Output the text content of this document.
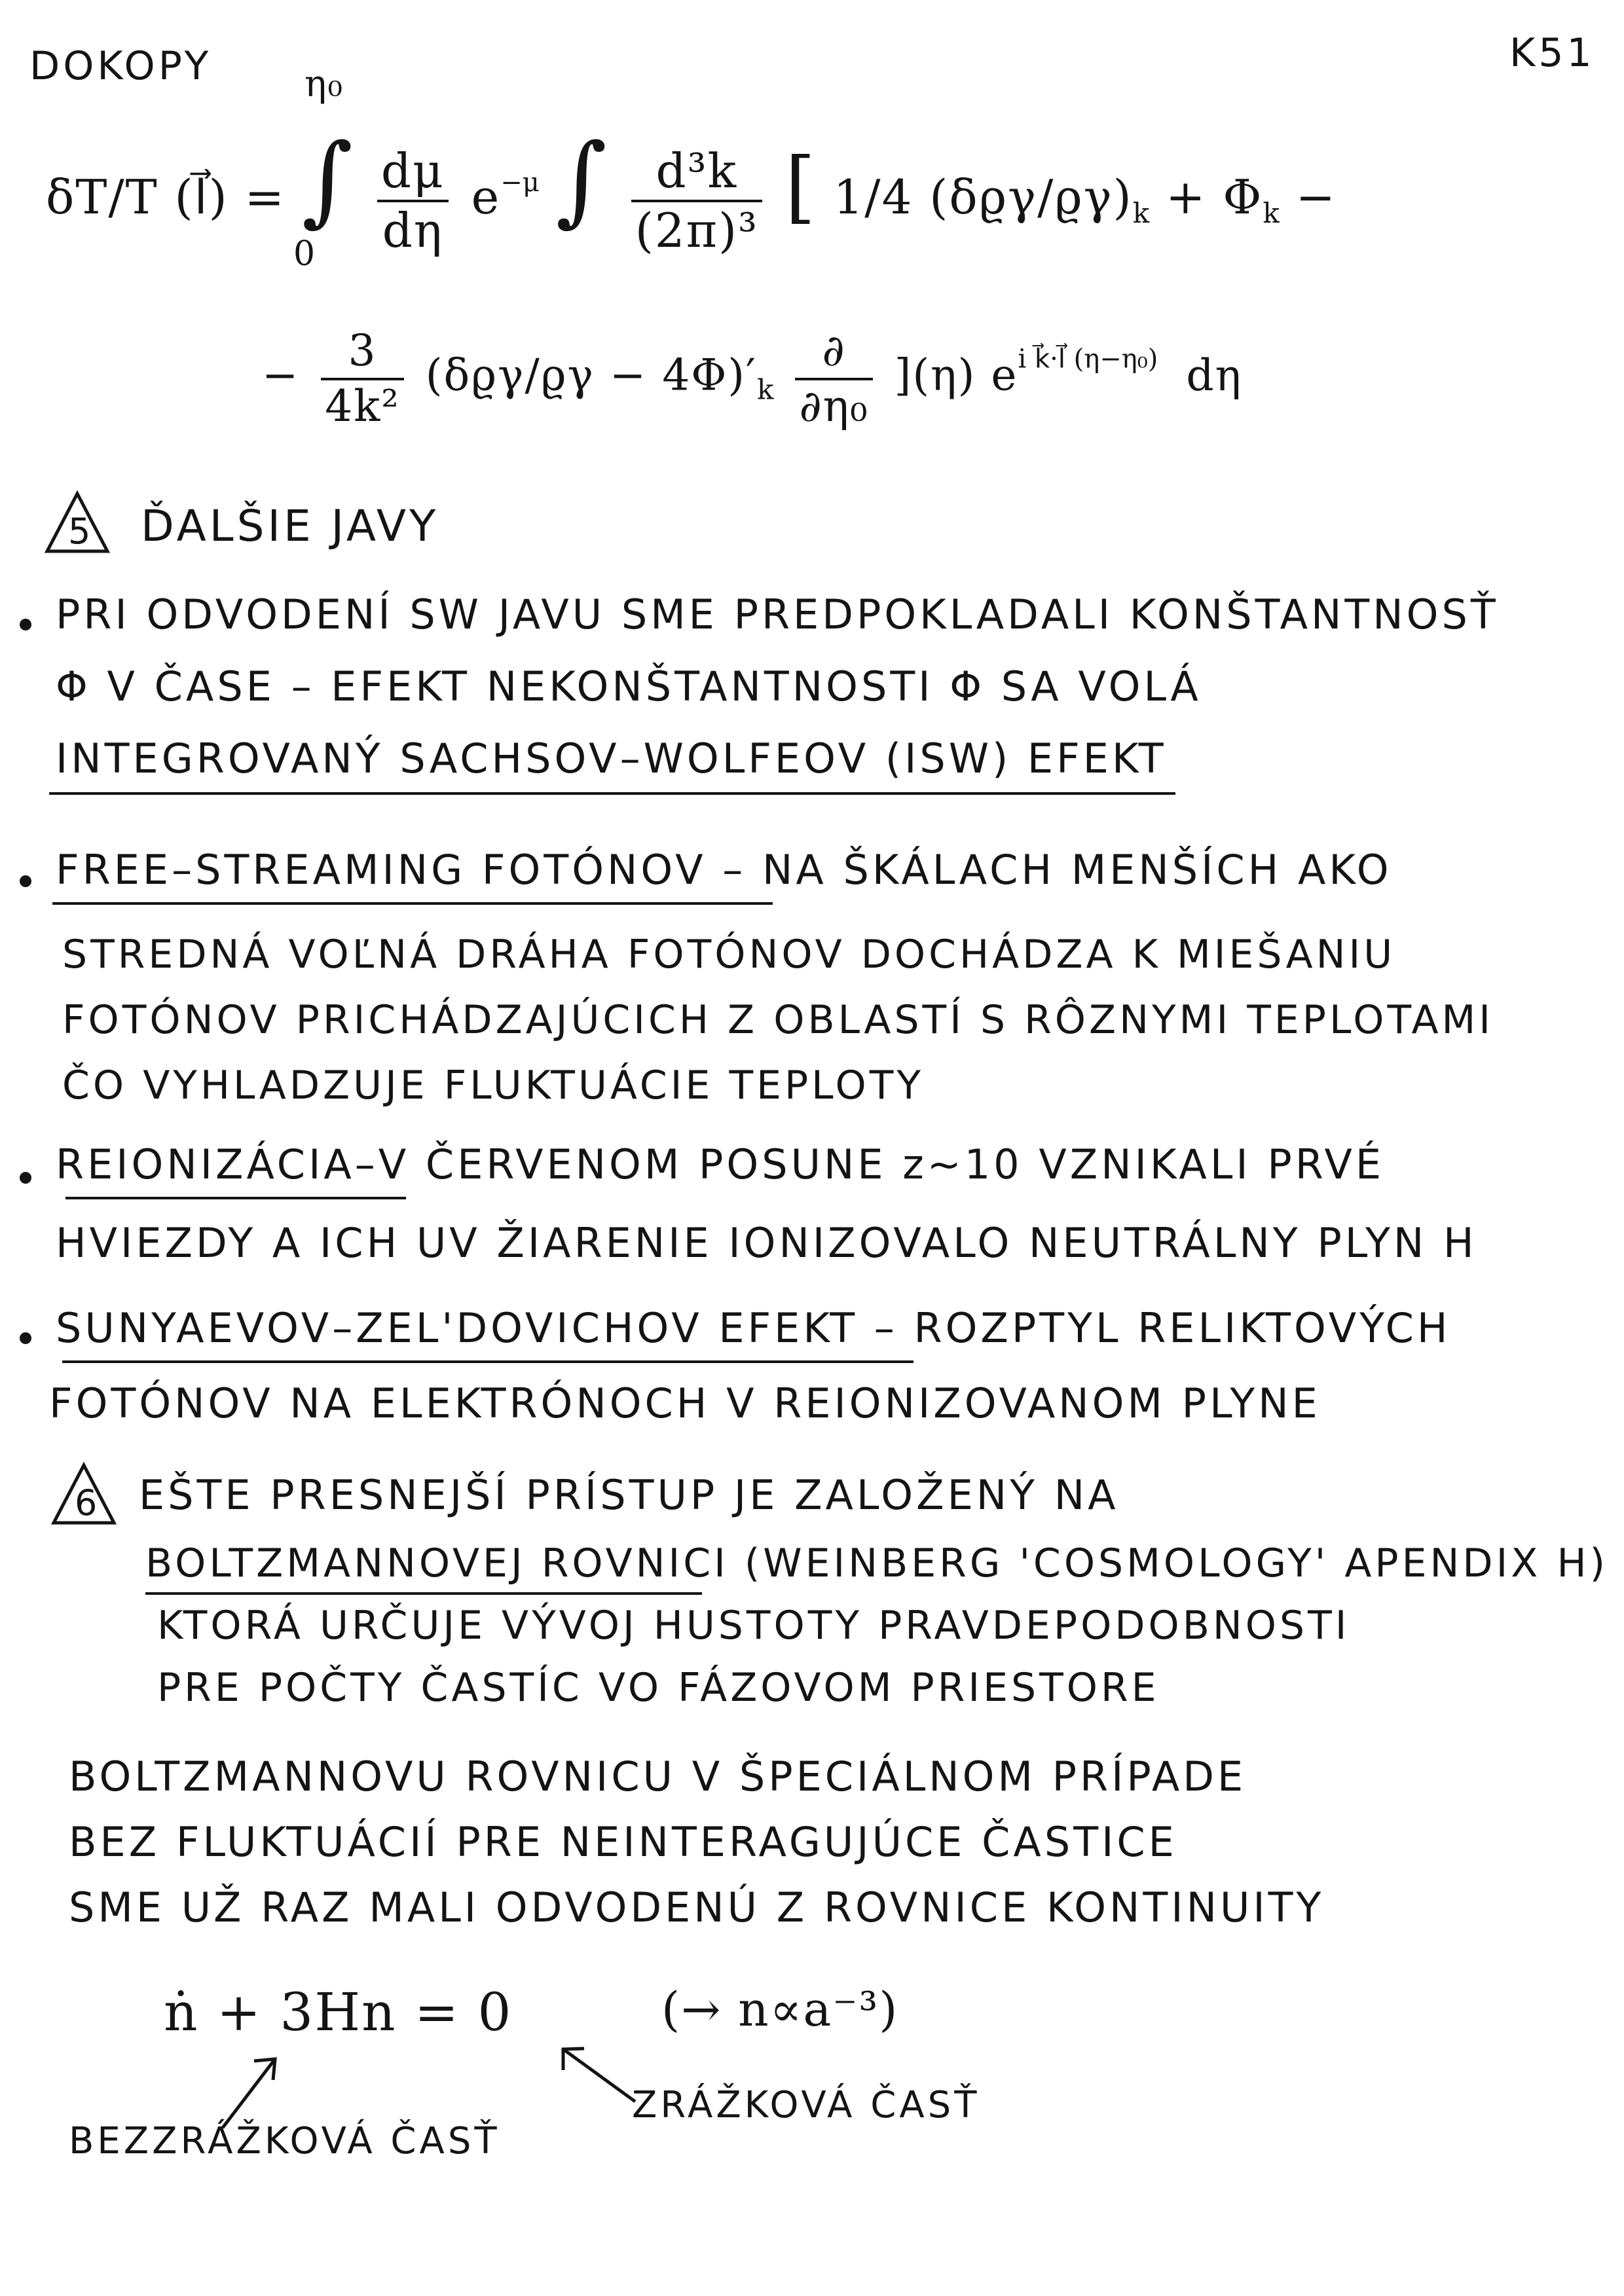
DOKOPY	K51
η₀
0
δT/T (l⃗) = ∫ $\frac{d\mu}{d\eta} e^{-\mu}$ ∫ $\frac{\text{d³k}}{\text{(2π)³}}$ [ 1/4 $(\delta ϱ\gamma/ϱ\gamma)_k + \Phi_k$ −
− $\frac{3}{\text{4k²}} (\delta ϱ\gamma/ϱ\gamma - 4\Phi)'_k \frac{\partial}{\text{∂η₀}} ](\eta)$ $e^{i k⃗\cdot l⃗ (\eta-\eta_0)}$ dη
5 ĎALŠIE JAVY
PRI ODVODENÍ SW JAVU SME PREDPOKLADALI KONŠTANTNOSŤ
Φ V ČASE – EFEKT NEKONŠTANTNOSTI Φ SA VOLÁ
INTEGROVANÝ SACHSOV–WOLFEOV (ISW) EFEKT
FREE–STREAMING FOTÓNOV – NA ŠKÁLACH MENŠÍCH AKO
STREDNÁ VOĽNÁ DRÁHA FOTÓNOV DOCHÁDZA K MIEŠANIU
FOTÓNOV PRICHÁDZAJÚCICH Z OBLASTÍ S RÔZNYMI TEPLOTAMI
ČO VYHLADZUJE FLUKTUÁCIE TEPLOTY
REIONIZÁCIA–V ČERVENOM POSUNE z~10 VZNIKALI PRVÉ
HVIEZDY A ICH UV ŽIARENIE IONIZOVALO NEUTRÁLNY PLYN H
SUNYAEVOV–ZEL'DOVICHOV EFEKT – ROZPTYL RELIKTOVÝCH
FOTÓNOV NA ELEKTRÓNOCH V REIONIZOVANOM PLYNE
6 EŠTE PRESNEJŠÍ PRÍSTUP JE ZALOŽENÝ NA
BOLTZMANNOVEJ ROVNICI (WEINBERG 'COSMOLOGY' APENDIX H)
KTORÁ URČUJE VÝVOJ HUSTOTY PRAVDEPODOBNOSTI
PRE POČTY ČASTÍC VO FÁZOVOM PRIESTORE
BOLTZMANNOVU ROVNICU V ŠPECIÁLNOM PRÍPADE
BEZ FLUKTUÁCIÍ PRE NEINTERAGUJÚCE ČASTICE
SME UŽ RAZ MALI ODVODENÚ Z ROVNICE KONTINUITY
ṅ + 3Hn = 0	(→ n∝a⁻³)
BEZZRÁŽKOVÁ ČASŤ
ZRÁŽKOVÁ ČASŤ
